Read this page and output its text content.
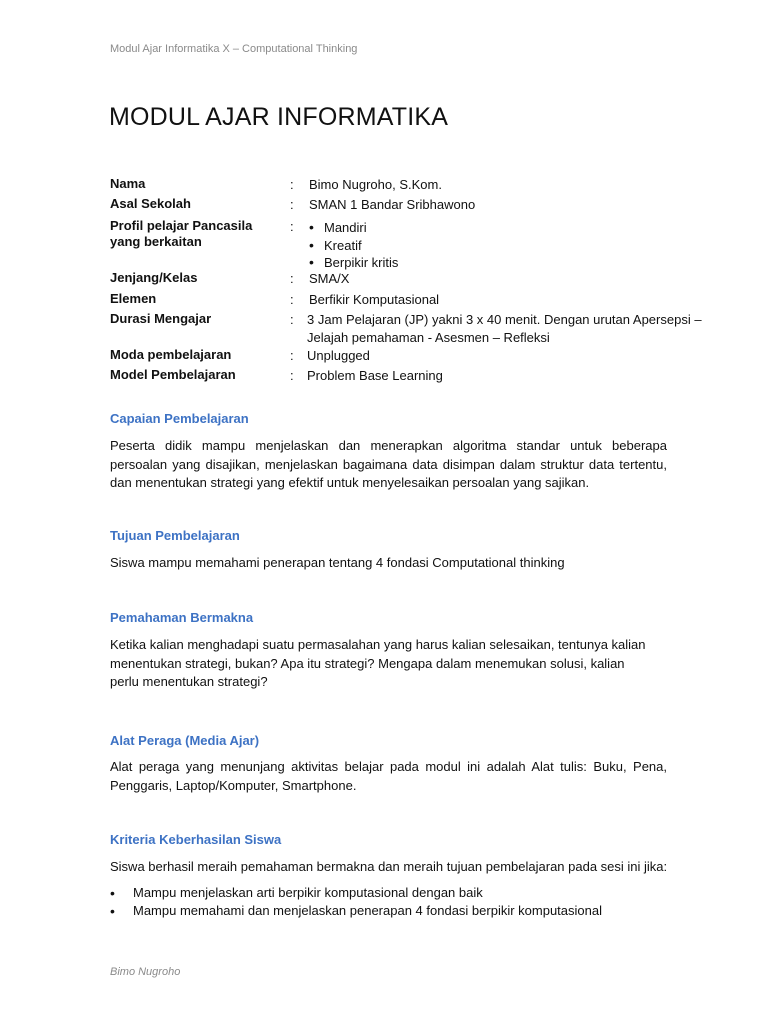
Modul Ajar Informatika X – Computational Thinking
MODUL AJAR INFORMATIKA
Nama	:	Bimo Nugroho, S.Kom.
Asal Sekolah	:	SMAN 1 Bandar Sribhawono
Profil pelajar Pancasila
yang berkaitan
:
•	Mandiri
• Kreatif
• Berpikir kritis
Jenjang/Kelas	:	SMA/X
Elemen	:	Berfikir Komputasional
Durasi Mengajar	:	3 Jam Pelajaran (JP) yakni 3 x 40 menit. Dengan urutan Apersepsi –
Jelajah pemahaman - Asesmen – Refleksi
Moda pembelajaran	:	Unplugged
Model Pembelajaran	:	Problem Base Learning
Capaian Pembelajaran

Peserta didik mampu menjelaskan dan menerapkan algoritma standar untuk beberapa persoalan yang disajikan, menjelaskan bagaimana data disimpan dalam struktur data tertentu, dan menentukan strategi yang efektif untuk menyelesaikan persoalan yang sajikan.

Tujuan Pembelajaran

Siswa mampu memahami penerapan tentang 4 fondasi Computational thinking

Pemahaman Bermakna

Ketika kalian menghadapi suatu permasalahan yang harus kalian selesaikan, tentunya kalian menentukan strategi, bukan? Apa itu strategi? Mengapa dalam menemukan solusi, kalian perlu menentukan strategi?

Alat Peraga (Media Ajar)

Alat peraga yang menunjang aktivitas belajar pada modul ini adalah Alat tulis: Buku, Pena, Penggaris, Laptop/Komputer, Smartphone.

Kriteria Keberhasilan Siswa

Siswa berhasil meraih pemahaman bermakna dan meraih tujuan pembelajaran pada sesi ini jika:

• Mampu menjelaskan arti berpikir komputasional dengan baik
• Mampu memahami dan menjelaskan penerapan 4 fondasi berpikir komputasional
Bimo Nugroho
